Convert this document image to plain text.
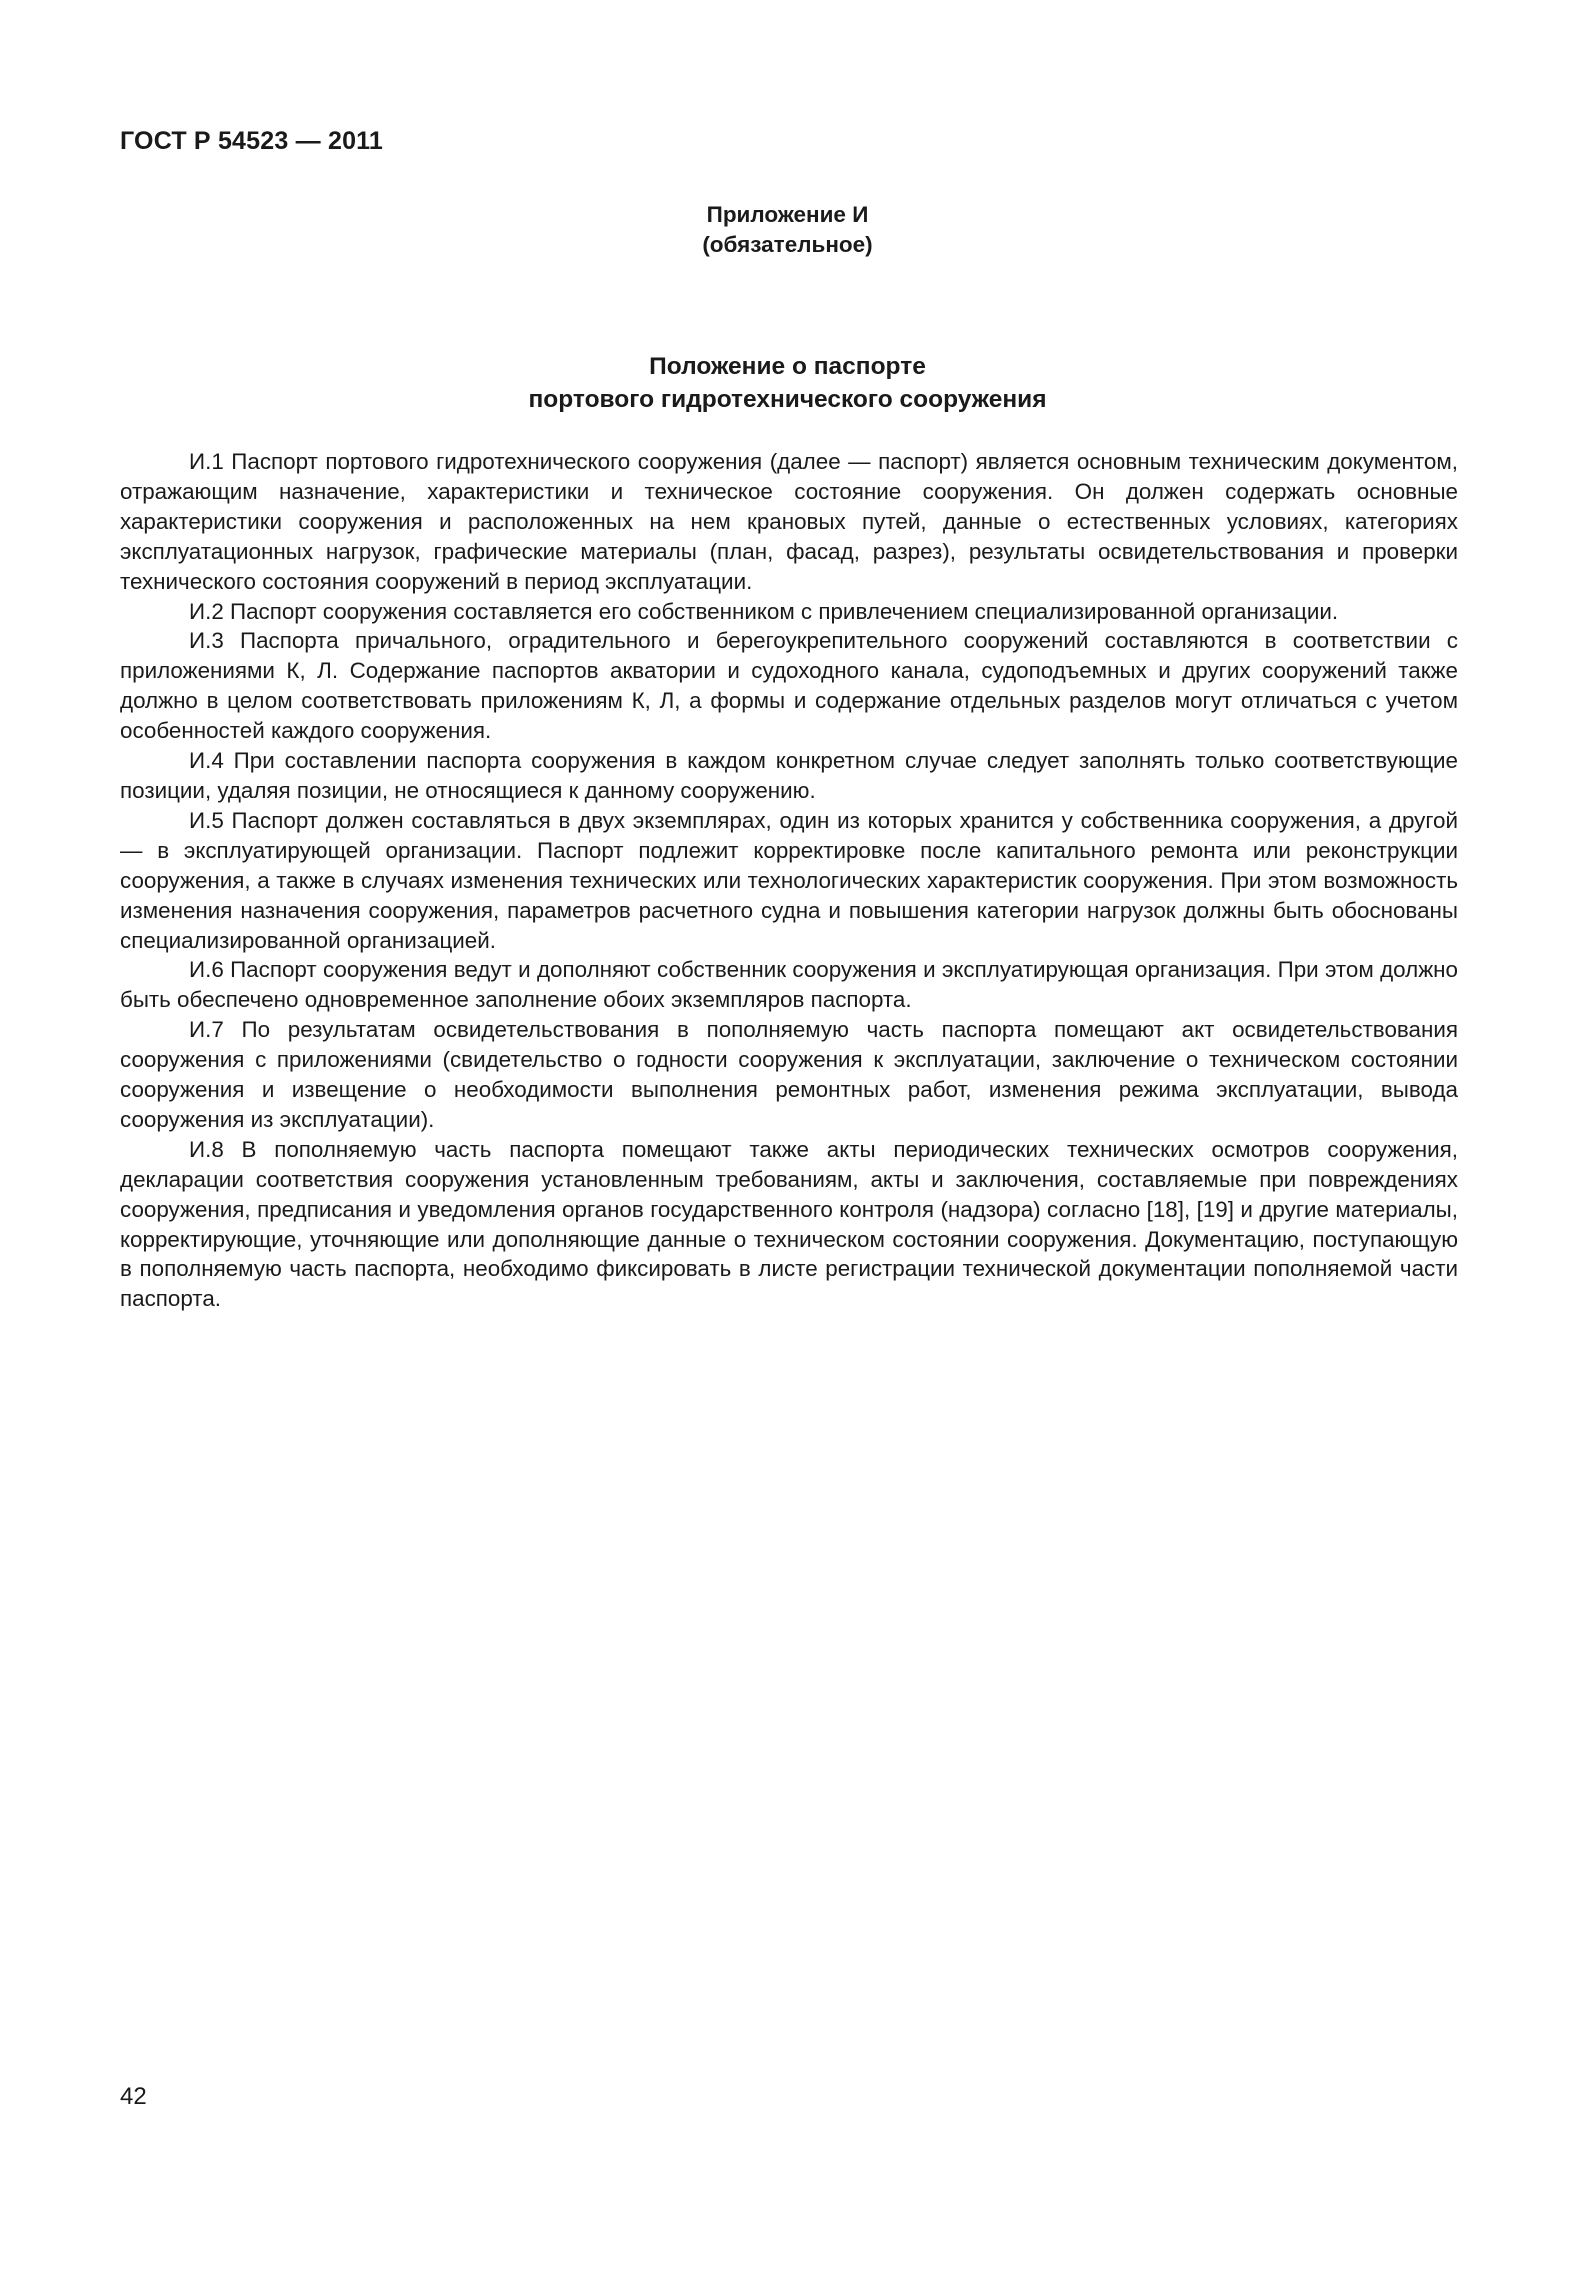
ГОСТ Р 54523 — 2011
Приложение И
(обязательное)
Положение о паспорте
портового гидротехнического сооружения

И.1 Паспорт портового гидротехнического сооружения (далее — паспорт) является основным техническим документом, отражающим назначение, характеристики и техническое состояние сооружения. Он должен содержать основные характеристики сооружения и расположенных на нем крановых путей, данные о естественных условиях, категориях эксплуатационных нагрузок, графические материалы (план, фасад, разрез), результаты освидетельствования и проверки технического состояния сооружений в период эксплуатации.

И.2 Паспорт сооружения составляется его собственником с привлечением специализированной организации.

И.3 Паспорта причального, оградительного и берегоукрепительного сооружений составляются в соответствии с приложениями К, Л. Содержание паспортов акватории и судоходного канала, судоподъемных и других сооружений также должно в целом соответствовать приложениям К, Л, а формы и содержание отдельных разделов могут отличаться с учетом особенностей каждого сооружения.

И.4 При составлении паспорта сооружения в каждом конкретном случае следует заполнять только соответствующие позиции, удаляя позиции, не относящиеся к данному сооружению.

И.5 Паспорт должен составляться в двух экземплярах, один из которых хранится у собственника сооружения, а другой — в эксплуатирующей организации. Паспорт подлежит корректировке после капитального ремонта или реконструкции сооружения, а также в случаях изменения технических или технологических характеристик сооружения. При этом возможность изменения назначения сооружения, параметров расчетного судна и повышения категории нагрузок должны быть обоснованы специализированной организацией.

И.6 Паспорт сооружения ведут и дополняют собственник сооружения и эксплуатирующая организация. При этом должно быть обеспечено одновременное заполнение обоих экземпляров паспорта.

И.7 По результатам освидетельствования в пополняемую часть паспорта помещают акт освидетельствования сооружения с приложениями (свидетельство о годности сооружения к эксплуатации, заключение о техническом состоянии сооружения и извещение о необходимости выполнения ремонтных работ, изменения режима эксплуатации, вывода сооружения из эксплуатации).

И.8 В пополняемую часть паспорта помещают также акты периодических технических осмотров сооружения, декларации соответствия сооружения установленным требованиям, акты и заключения, составляемые при повреждениях сооружения, предписания и уведомления органов государственного контроля (надзора) согласно [18], [19] и другие материалы, корректирующие, уточняющие или дополняющие данные о техническом состоянии сооружения. Документацию, поступающую в пополняемую часть паспорта, необходимо фиксировать в листе регистрации технической документации пополняемой части паспорта.

42
